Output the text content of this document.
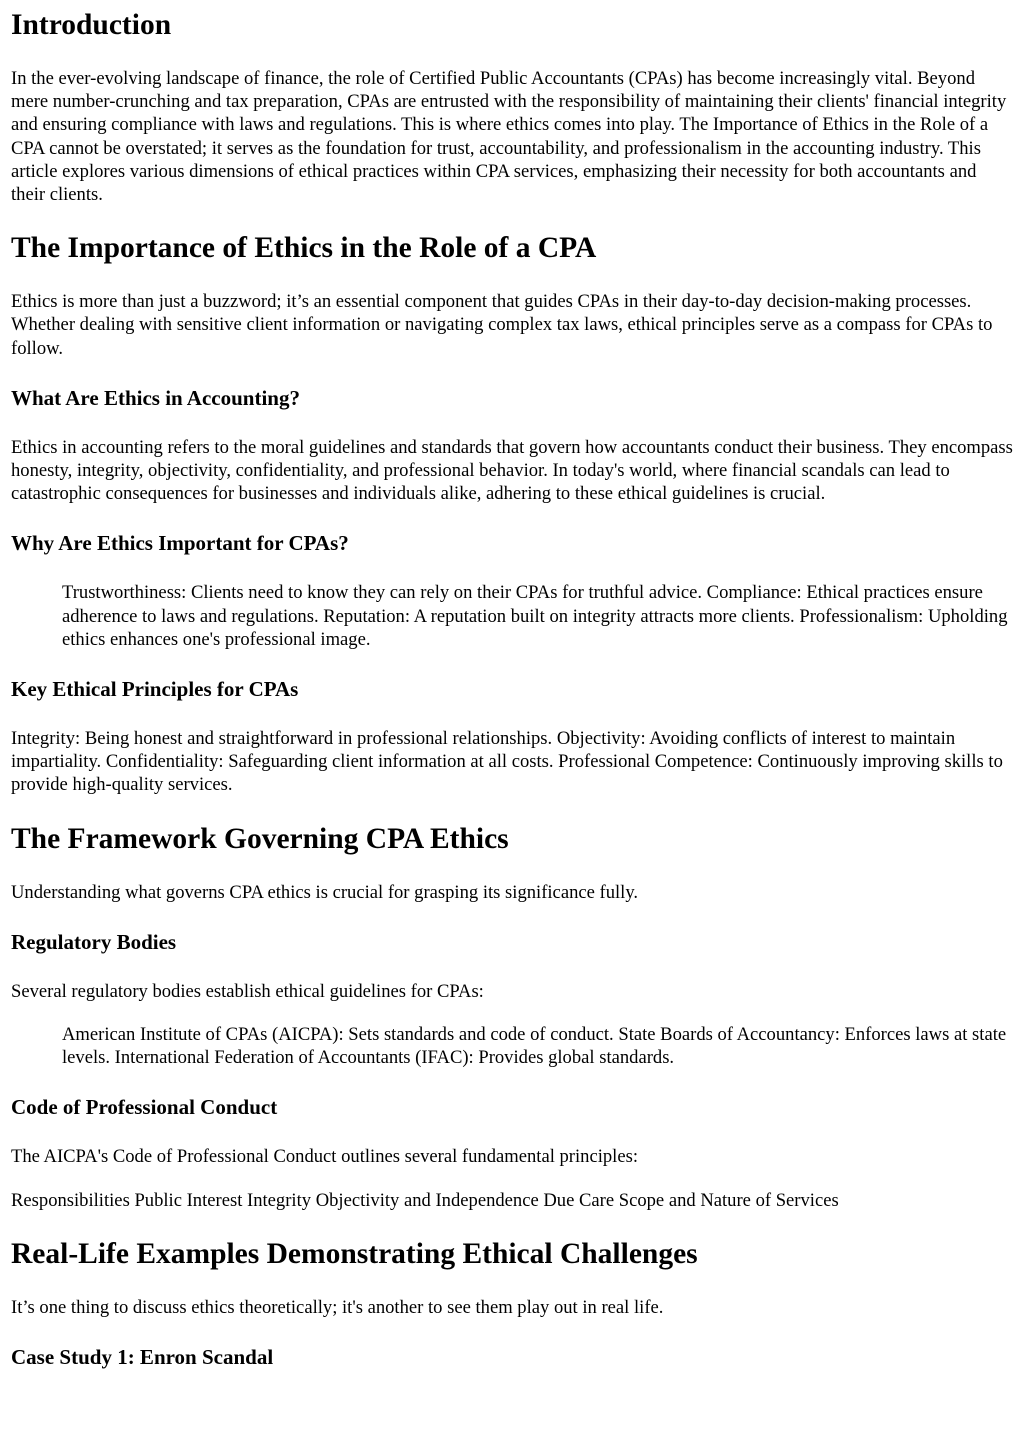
Introduction

In the ever-evolving landscape of finance, the role of Certified Public Accountants (CPAs) has become increasingly vital. Beyond mere number-crunching and tax preparation, CPAs are entrusted with the responsibility of maintaining their clients' financial integrity and ensuring compliance with laws and regulations. This is where ethics comes into play. The Importance of Ethics in the Role of a CPA cannot be overstated; it serves as the foundation for trust, accountability, and professionalism in the accounting industry. This article explores various dimensions of ethical practices within CPA services, emphasizing their necessity for both accountants and their clients.

The Importance of Ethics in the Role of a CPA

Ethics is more than just a buzzword; it’s an essential component that guides CPAs in their day-to-day decision-making processes. Whether dealing with sensitive client information or navigating complex tax laws, ethical principles serve as a compass for CPAs to follow.

What Are Ethics in Accounting?

Ethics in accounting refers to the moral guidelines and standards that govern how accountants conduct their business. They encompass honesty, integrity, objectivity, confidentiality, and professional behavior. In today's world, where financial scandals can lead to catastrophic consequences for businesses and individuals alike, adhering to these ethical guidelines is crucial.

Why Are Ethics Important for CPAs?
Trustworthiness: Clients need to know they can rely on their CPAs for truthful advice. Compliance: Ethical practices ensure adherence to laws and regulations. Reputation: A reputation built on integrity attracts more clients. Professionalism: Upholding ethics enhances one's professional image.
Key Ethical Principles for CPAs

Integrity: Being honest and straightforward in professional relationships. Objectivity: Avoiding conflicts of interest to maintain impartiality. Confidentiality: Safeguarding client information at all costs. Professional Competence: Continuously improving skills to provide high-quality services.

The Framework Governing CPA Ethics

Understanding what governs CPA ethics is crucial for grasping its significance fully.

Regulatory Bodies

Several regulatory bodies establish ethical guidelines for CPAs:

American Institute of CPAs (AICPA): Sets standards and code of conduct. State Boards of Accountancy: Enforces laws at state levels. International Federation of Accountants (IFAC): Provides global standards.
Code of Professional Conduct

The AICPA's Code of Professional Conduct outlines several fundamental principles:

Responsibilities Public Interest Integrity Objectivity and Independence Due Care Scope and Nature of Services

Real-Life Examples Demonstrating Ethical Challenges

It’s one thing to discuss ethics theoretically; it's another to see them play out in real life.

Case Study 1: Enron Scandal
